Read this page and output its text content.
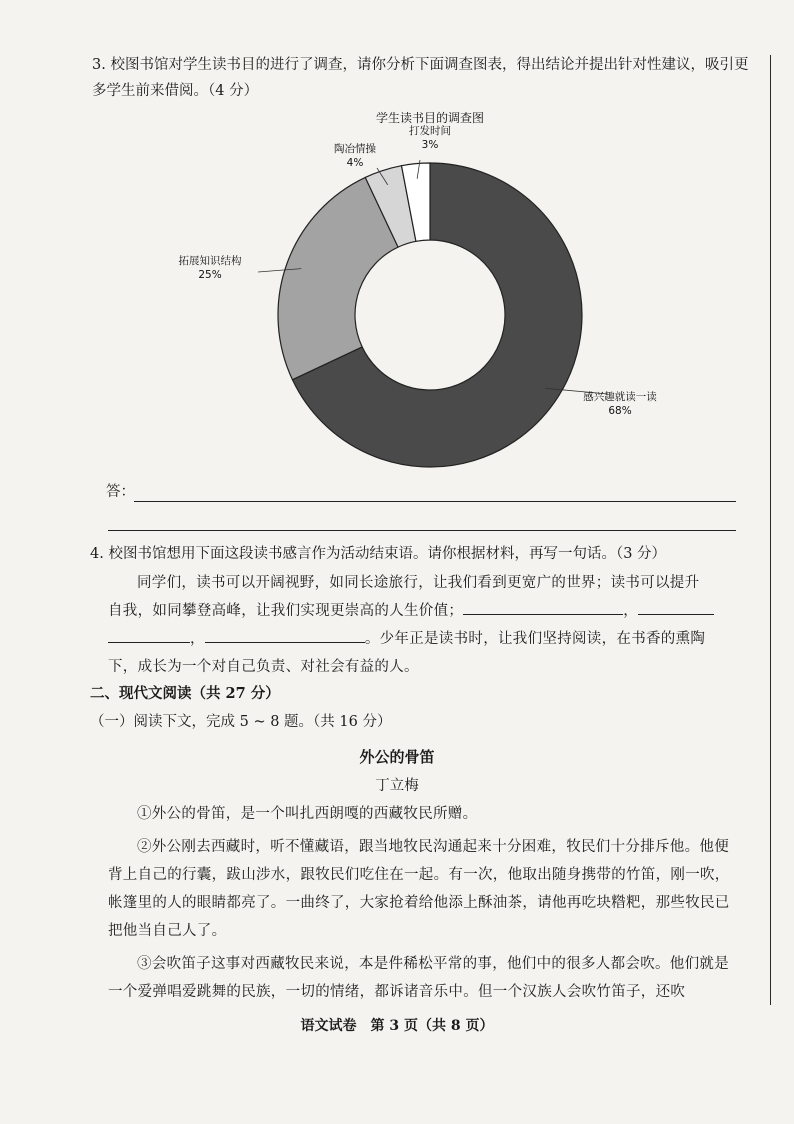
3. 校图书馆对学生读书目的进行了调查，请你分析下面调查图表，得出结论并提出针对性建议，吸引更多学生前来借阅。（4 分）
学生读书目的调查图
感兴趣就读一读
68%
拓展知识结构
25%
陶冶情操
4%
打发时间
3%
答：
4. 校图书馆想用下面这段读书感言作为活动结束语。请你根据材料，再写一句话。（3 分）
同学们，读书可以开阔视野，如同长途旅行，让我们看到更宽广的世界；读书可以提升
自我，如同攀登高峰，让我们实现更崇高的人生价值；	，
，	。少年正是读书时，让我们坚持阅读，在书香的熏陶
下，成长为一个对自己负责、对社会有益的人。
二、现代文阅读（共 27 分）
（一）阅读下文，完成 5 ~ 8 题。（共 16 分）
外公的骨笛
丁立梅
①外公的骨笛，是一个叫扎西朗嘎的西藏牧民所赠。
②外公刚去西藏时，听不懂藏语，跟当地牧民沟通起来十分困难，牧民们十分排斥他。他便背上自己的行囊，跋山涉水，跟牧民们吃住在一起。有一次，他取出随身携带的竹笛，刚一吹，帐篷里的人的眼睛都亮了。一曲终了，大家抢着给他添上酥油茶，请他再吃块糌粑，那些牧民已把他当自己人了。
③会吹笛子这事对西藏牧民来说，本是件稀松平常的事，他们中的很多人都会吹。他们就是一个爱弹唱爱跳舞的民族，一切的情绪，都诉诸音乐中。但一个汉族人会吹竹笛子，还吹
语文试卷　第 3 页（共 8 页）
